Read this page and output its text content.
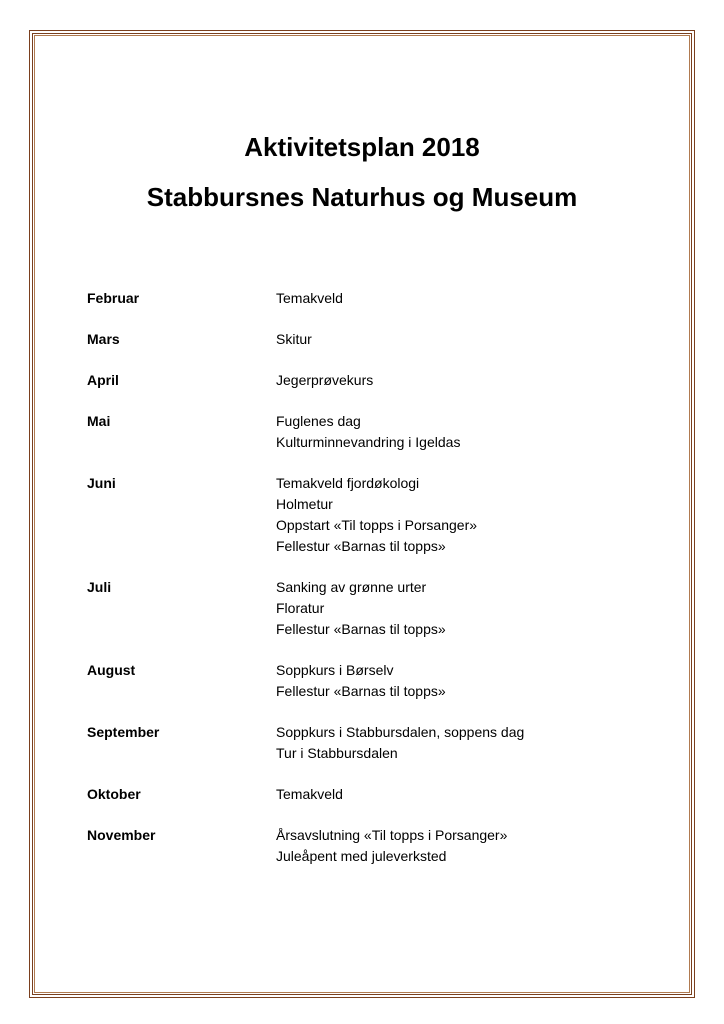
Aktivitetsplan 2018
Stabbursnes Naturhus og Museum
Februar	Temakveld
Mars	Skitur
April	Jegerprøvekurs
Mai	Fuglenes dag
Kulturminnevandring i Igeldas
Juni	Temakveld fjordøkologi
Holmetur
Oppstart «Til topps i Porsanger»
Fellestur «Barnas til topps»
Juli	Sanking av grønne urter
Floratur
Fellestur «Barnas til topps»
August	Soppkurs i Børselv
Fellestur «Barnas til topps»
September	Soppkurs i Stabbursdalen, soppens dag
Tur i Stabbursdalen
Oktober	Temakveld
November	Årsavslutning «Til topps i Porsanger»
Juleåpent med juleverksted
